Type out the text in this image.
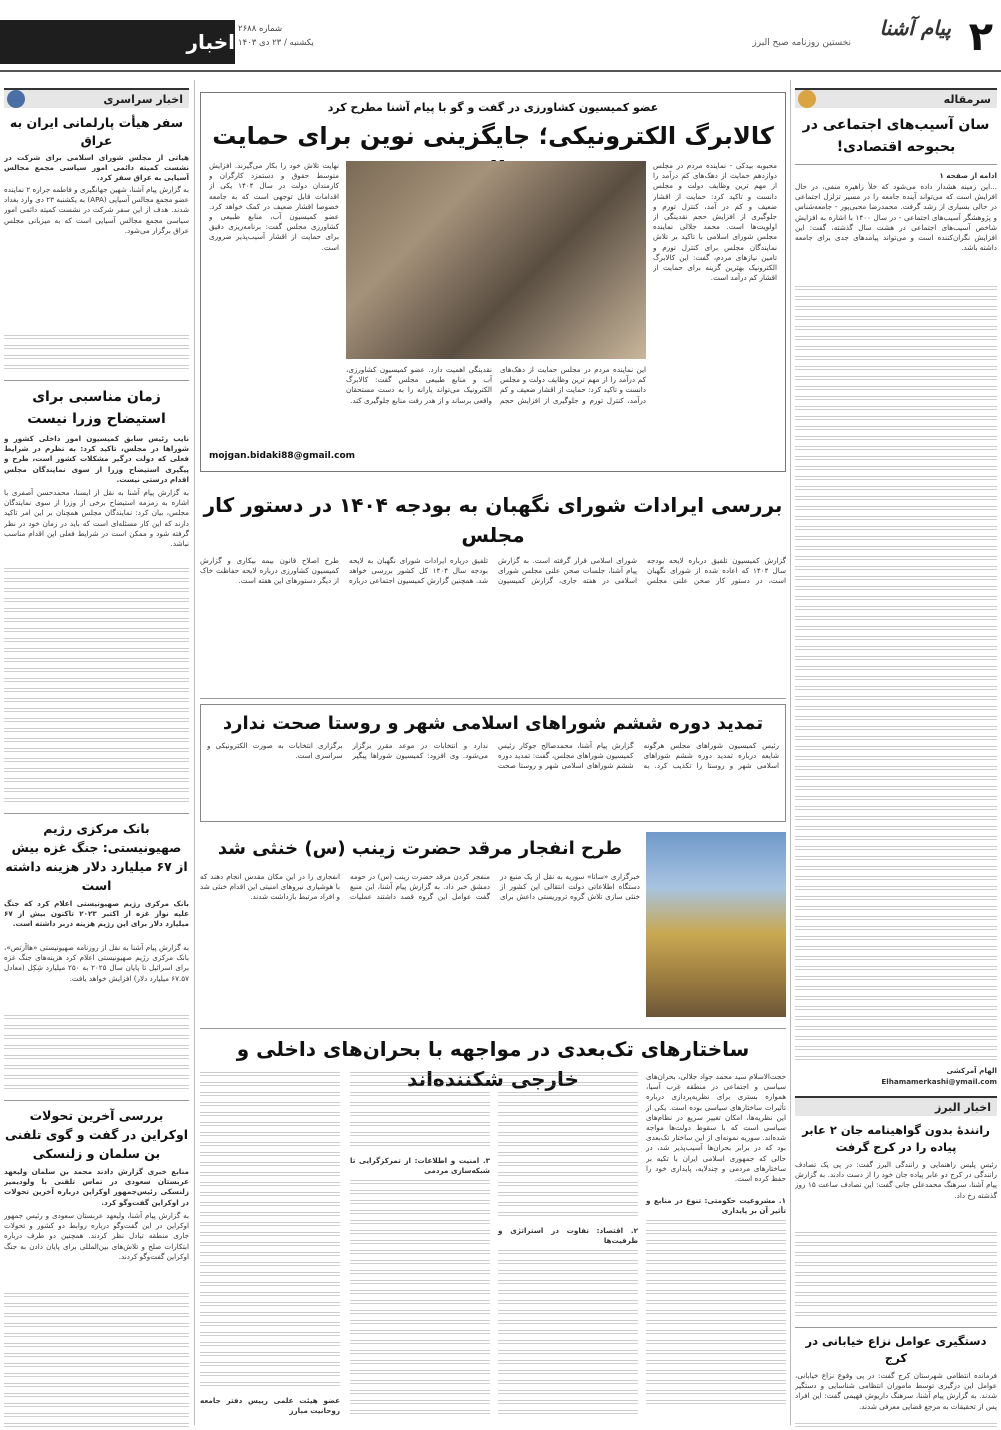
اخبار
شماره ۲۶۸۸
یکشنبه / ۲۳ دی ۱۴۰۳	٢
پیام آشنا
نخستین روزنامه صبح البرز
اخبار سراسری
سفر هیأت پارلمانی ایران به عراق
هیاتی از مجلس شورای اسلامی برای شرکت در نشست کمیته دائمی امور سیاسی مجمع مجالس آسیایی به عراق سفر کرد.
به گزارش پیام آشنا، شهین جهانگیری و فاطمه جراره ۲ نماینده عضو مجمع مجالس آسیایی (APA) به یکشنبه ۲۳ دی وارد بغداد شدند. هدف از این سفر شرکت در نشست کمیته دائمی امور سیاسی مجمع مجالس آسیایی است که به میزبانی مجلس عراق برگزار می‌شود.
زمان مناسبی برای استیضاح وزرا نیست
نایب رئیس سابق کمیسیون امور داخلی کشور و شوراها در مجلس، تاکید کرد: به نظرم در شرایط فعلی که دولت درگیر مشکلات کشور است، طرح و پیگیری استیضاح وزرا از سوی نمایندگان مجلس اقدام درستی نیست.
به گزارش پیام آشنا به نقل از ایسنا، محمدحسن آصفری با اشاره به زمزمه استیضاح برخی از وزرا از سوی نمایندگان مجلس، بیان کرد: نمایندگان مجلس همچنان بر این امر تاکید دارند که این کار مسئله‌ای است که باید در زمان خود در نظر گرفته شود و ممکن است در شرایط فعلی این اقدام مناسب نباشد.
بانک مرکزی رژیم صهیونیستی: جنگ غزه بیش از ۶۷ میلیارد دلار هزینه داشته است
بانک مرکزی رژیم صهیونیستی اعلام کرد که جنگ علیه نوار غزه از اکتبر ۲۰۲۳ تاکنون بیش از ۶۷ میلیارد دلار برای این رژیم هزینه دربر داشته است.
به گزارش پیام آشنا به نقل از روزنامه صهیونیستی «هاآرتص»، بانک مرکزی رژیم صهیونیستی اعلام کرد هزینه‌های جنگ غزه برای اسرائیل تا پایان سال ۲۰۲۵ به ۲۵۰ میلیارد شِکِل (معادل ۶۷.۵۷ میلیارد دلار) افزایش خواهد یافت.
بررسی آخرین تحولات اوکراین در گفت و گوی تلفنی بن سلمان و زلنسکی
منابع خبری گزارش دادند محمد بن سلمان ولیعهد عربستان سعودی در تماس تلفنی با ولودیمیر زلنسکی رئیس‌جمهور اوکراین درباره آخرین تحولات در اوکراین گفت‌وگو کرد.
به گزارش پیام آشنا، ولیعهد عربستان سعودی و رئیس جمهور اوکراین در این گفت‌وگو درباره روابط دو کشور و تحولات جاری منطقه تبادل نظر کردند. همچنین دو طرف درباره ابتکارات صلح و تلاش‌های بین‌المللی برای پایان دادن به جنگ اوکراین گفت‌وگو کردند.
سرمقاله
سان آسیب‌های اجتماعی در بحبوحه اقتصادی!
ادامه از صفحه ۱
...این زمینه هشدار داده می‌شود که خلأ زاهیره منفی، در حال افزایش است که می‌تواند آینده جامعه را در مسیر تزلزل اجتماعی در حالی بسیاری از رشد گرفت. محمدرضا محبی‌پور - جامعه‌شناس و پژوهشگر آسیب‌های اجتماعی - در سال ۱۴۰۰ با اشاره به افزایش شاخص آسیب‌های اجتماعی در هشت سال گذشته، گفت: این افزایش نگران‌کننده است و می‌تواند پیامدهای جدی برای جامعه داشته باشد.
الهام آمرکشی
Elhamamerkashi@ymail.com
اخبار البرز
رانندهٔ بدون گواهینامه جان ۲ عابر پیاده را در کرج گرفت
رئیس پلیس راهنمایی و رانندگی البرز گفت: در پی یک تصادف رانندگی در کرج دو عابر پیاده جان خود را از دست دادند. به گزارش پیام آشنا، سرهنگ محمدعلی جانی گفت: این تصادف ساعت ۱۵ روز گذشته رخ داد.
دستگیری عوامل نزاع خیابانی در کرج
فرمانده انتظامی شهرستان کرج گفت: در پی وقوع نزاع خیابانی، عوامل این درگیری توسط ماموران انتظامی شناسایی و دستگیر شدند. به گزارش پیام آشنا، سرهنگ داریوش فهیمی گفت: این افراد پس از تحقیقات به مرجع قضایی معرفی شدند.
عضو کمیسیون کشاورزی در گفت و گو با پیام آشنا مطرح کرد
کالابرگ الکترونیکی؛ جایگزینی نوین برای حمایت
محبوبه بیدکی - نماینده مردم در مجلس دوازدهم حمایت از دهک‌های کم درآمد را از مهم ترین وظایف دولت و مجلس دانست و تاکید کرد: حمایت از اقشار ضعیف و کم در آمد، کنترل تورم و جلوگیری از افزایش حجم نقدینگی از اولویت‌ها است. محمد جلالی نماینده مجلس شورای اسلامی با تاکید بر تلاش نمایندگان مجلس برای کنترل تورم و تامین نیازهای مردم، گفت: این کالابرگ الکترونیک بهترین گزینه برای حمایت از اقشار کم درآمد است.
نهایت تلاش خود را بکار می‌گیرند. افزایش متوسط حقوق و دستمزد کارگران و کارمندان دولت در سال ۱۴۰۴ یکی از اقدامات قابل توجهی است که به جامعه خصوصا اقشار ضعیف در کمک خواهد کرد. عضو کمیسیون آب، منابع طبیعی و کشاورزی مجلس گفت: برنامه‌ریزی دقیق برای حمایت از اقشار آسیب‌پذیر ضروری است.
این نماینده مردم در مجلس حمایت از دهک‌های کم درآمد را از مهم ترین وظایف دولت و مجلس دانست و تاکید کرد: حمایت از اقشار ضعیف و کم درآمد، کنترل تورم و جلوگیری از افزایش حجم نقدینگی اهمیت دارد. عضو کمیسیون کشاورزی، آب و منابع طبیعی مجلس گفت: کالابرگ الکترونیک می‌تواند یارانه را به دست مستحقان واقعی برساند و از هدر رفت منابع جلوگیری کند.
mojgan.bidaki88@gmail.com
بررسی ایرادات شورای نگهبان به بودجه ۱۴۰۴ در دستور کار مجلس
گزارش کمیسیون تلفیق درباره لایحه بودجه سال ۱۴۰۴ که اعاده شده از شورای نگهبان است، در دستور کار صحن علنی مجلس شورای اسلامی قرار گرفته است. به گزارش پیام آشنا، جلسات صحن علنی مجلس شورای اسلامی در هفته جاری، گزارش کمیسیون تلفیق درباره ایرادات شورای نگهبان به لایحه بودجه سال ۱۴۰۴ کل کشور بررسی خواهد شد. همچنین گزارش کمیسیون اجتماعی درباره طرح اصلاح قانون بیمه بیکاری و گزارش کمیسیون کشاورزی درباره لایحه حفاظت خاک از دیگر دستورهای این هفته است.
تمدید دوره ششم شوراهای اسلامی شهر و روستا صحت ندارد
رئیس کمیسیون شوراهای مجلس هرگونه شایعه درباره تمدید دوره ششم شوراهای اسلامی شهر و روستا را تکذیب کرد. به گزارش پیام آشنا، محمدصالح جوکار رئیس کمیسیون شوراهای مجلس، گفت: تمدید دوره ششم شوراهای اسلامی شهر و روستا صحت ندارد و انتخابات در موعد مقرر برگزار می‌شود. وی افزود: کمیسیون شوراها پیگیر برگزاری انتخابات به صورت الکترونیکی و سراسری است.
طرح انفجار مرقد حضرت زینب (س) خنثی شد
خبرگزاری «سانا» سوریه به نقل از یک منبع در دستگاه اطلاعاتی دولت انتقالی این کشور از خنثی سازی تلاش گروه تروریستی داعش برای منفجر کردن مرقد حضرت زینب (س) در حومه دمشق خبر داد. به گزارش پیام آشنا، این منبع گفت عوامل این گروه قصد داشتند عملیات انفجاری را در این مکان مقدس انجام دهند که با هوشیاری نیروهای امنیتی این اقدام خنثی شد و افراد مرتبط بازداشت شدند.
ساختارهای تک‌بعدی در مواجهه با بحران‌های داخلی و خارجی شکننده‌اند	حجت‌الاسلام سید محمد جواد جلالی، بحران‌های سیاسی و اجتماعی در منطقه غرب آسیا، همواره بستری برای نظریه‌پردازی درباره تأثیرات ساختارهای سیاسی بوده است. یکی از این نظریه‌ها، امکان تغییر سریع در نظام‌های سیاسی است که با سقوط دولت‌ها مواجه شده‌اند. سوریه نمونه‌ای از این ساختار تک‌بعدی بود که در برابر بحران‌ها آسیب‌پذیر شد، در حالی که جمهوری اسلامی ایران با تکیه بر ساختارهای مردمی و چندلایه، پایداری خود را حفظ کرده است.
۱. مشروعیت حکومتی: تنوع در منابع و تأثیر آن بر پایداری
۲. اقتصاد: تفاوت در استراتژی و ظرفیت‌ها
۳. امنیت و اطلاعات: از تمرکزگرایی تا شبکه‌سازی مردمی
عضو هیئت علمی رییس دفتر جامعه روحانیت مبارز
